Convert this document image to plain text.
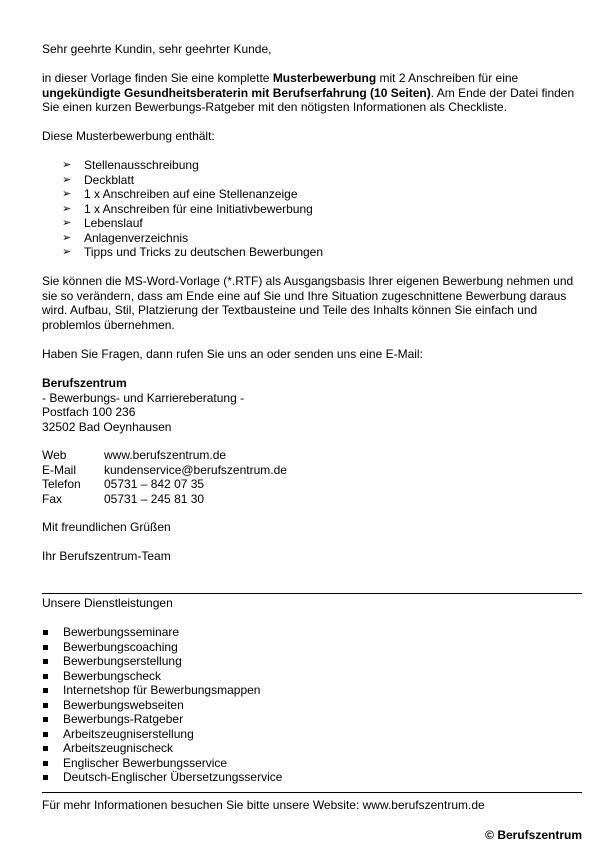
Sehr geehrte Kundin, sehr geehrter Kunde,

in dieser Vorlage finden Sie eine komplette Musterbewerbung mit 2 Anschreiben für eine ungekündigte Gesundheitsberaterin mit Berufserfahrung (10 Seiten). Am Ende der Datei finden Sie einen kurzen Bewerbungs-Ratgeber mit den nötigsten Informationen als Checkliste.

Diese Musterbewerbung enthält:

➢ Stellenausschreibung
➢ Deckblatt
➢ 1 x Anschreiben auf eine Stellenanzeige
➢ 1 x Anschreiben für eine Initiativbewerbung
➢ Lebenslauf
➢ Anlagenverzeichnis
➢ Tipps und Tricks zu deutschen Bewerbungen

Sie können die MS-Word-Vorlage (*.RTF) als Ausgangsbasis Ihrer eigenen Bewerbung nehmen und sie so verändern, dass am Ende eine auf Sie und Ihre Situation zugeschnittene Bewerbung daraus wird. Aufbau, Stil, Platzierung der Textbausteine und Teile des Inhalts können Sie einfach und problemlos übernehmen.

Haben Sie Fragen, dann rufen Sie uns an oder senden uns eine E-Mail:

Berufszentrum

- Bewerbungs- und Karriereberatung -

Postfach 100 236

32502 Bad Oeynhausen

Web	www.berufszentrum.de
E-Mail	kundenservice@berufszentrum.de
Telefon	05731 – 842 07 35
Fax	05731 – 245 81 30

Mit freundlichen Grüßen

Ihr Berufszentrum-Team

Unsere Dienstleistungen

Bewerbungsseminare
Bewerbungscoaching
Bewerbungserstellung
Bewerbungscheck
Internetshop für Bewerbungsmappen
Bewerbungswebseiten
Bewerbungs-Ratgeber
Arbeitszeugniserstellung
Arbeitszeugnischeck
Englischer Bewerbungsservice
Deutsch-Englischer Übersetzungsservice

Für mehr Informationen besuchen Sie bitte unsere Website: www.berufszentrum.de

© Berufszentrum
